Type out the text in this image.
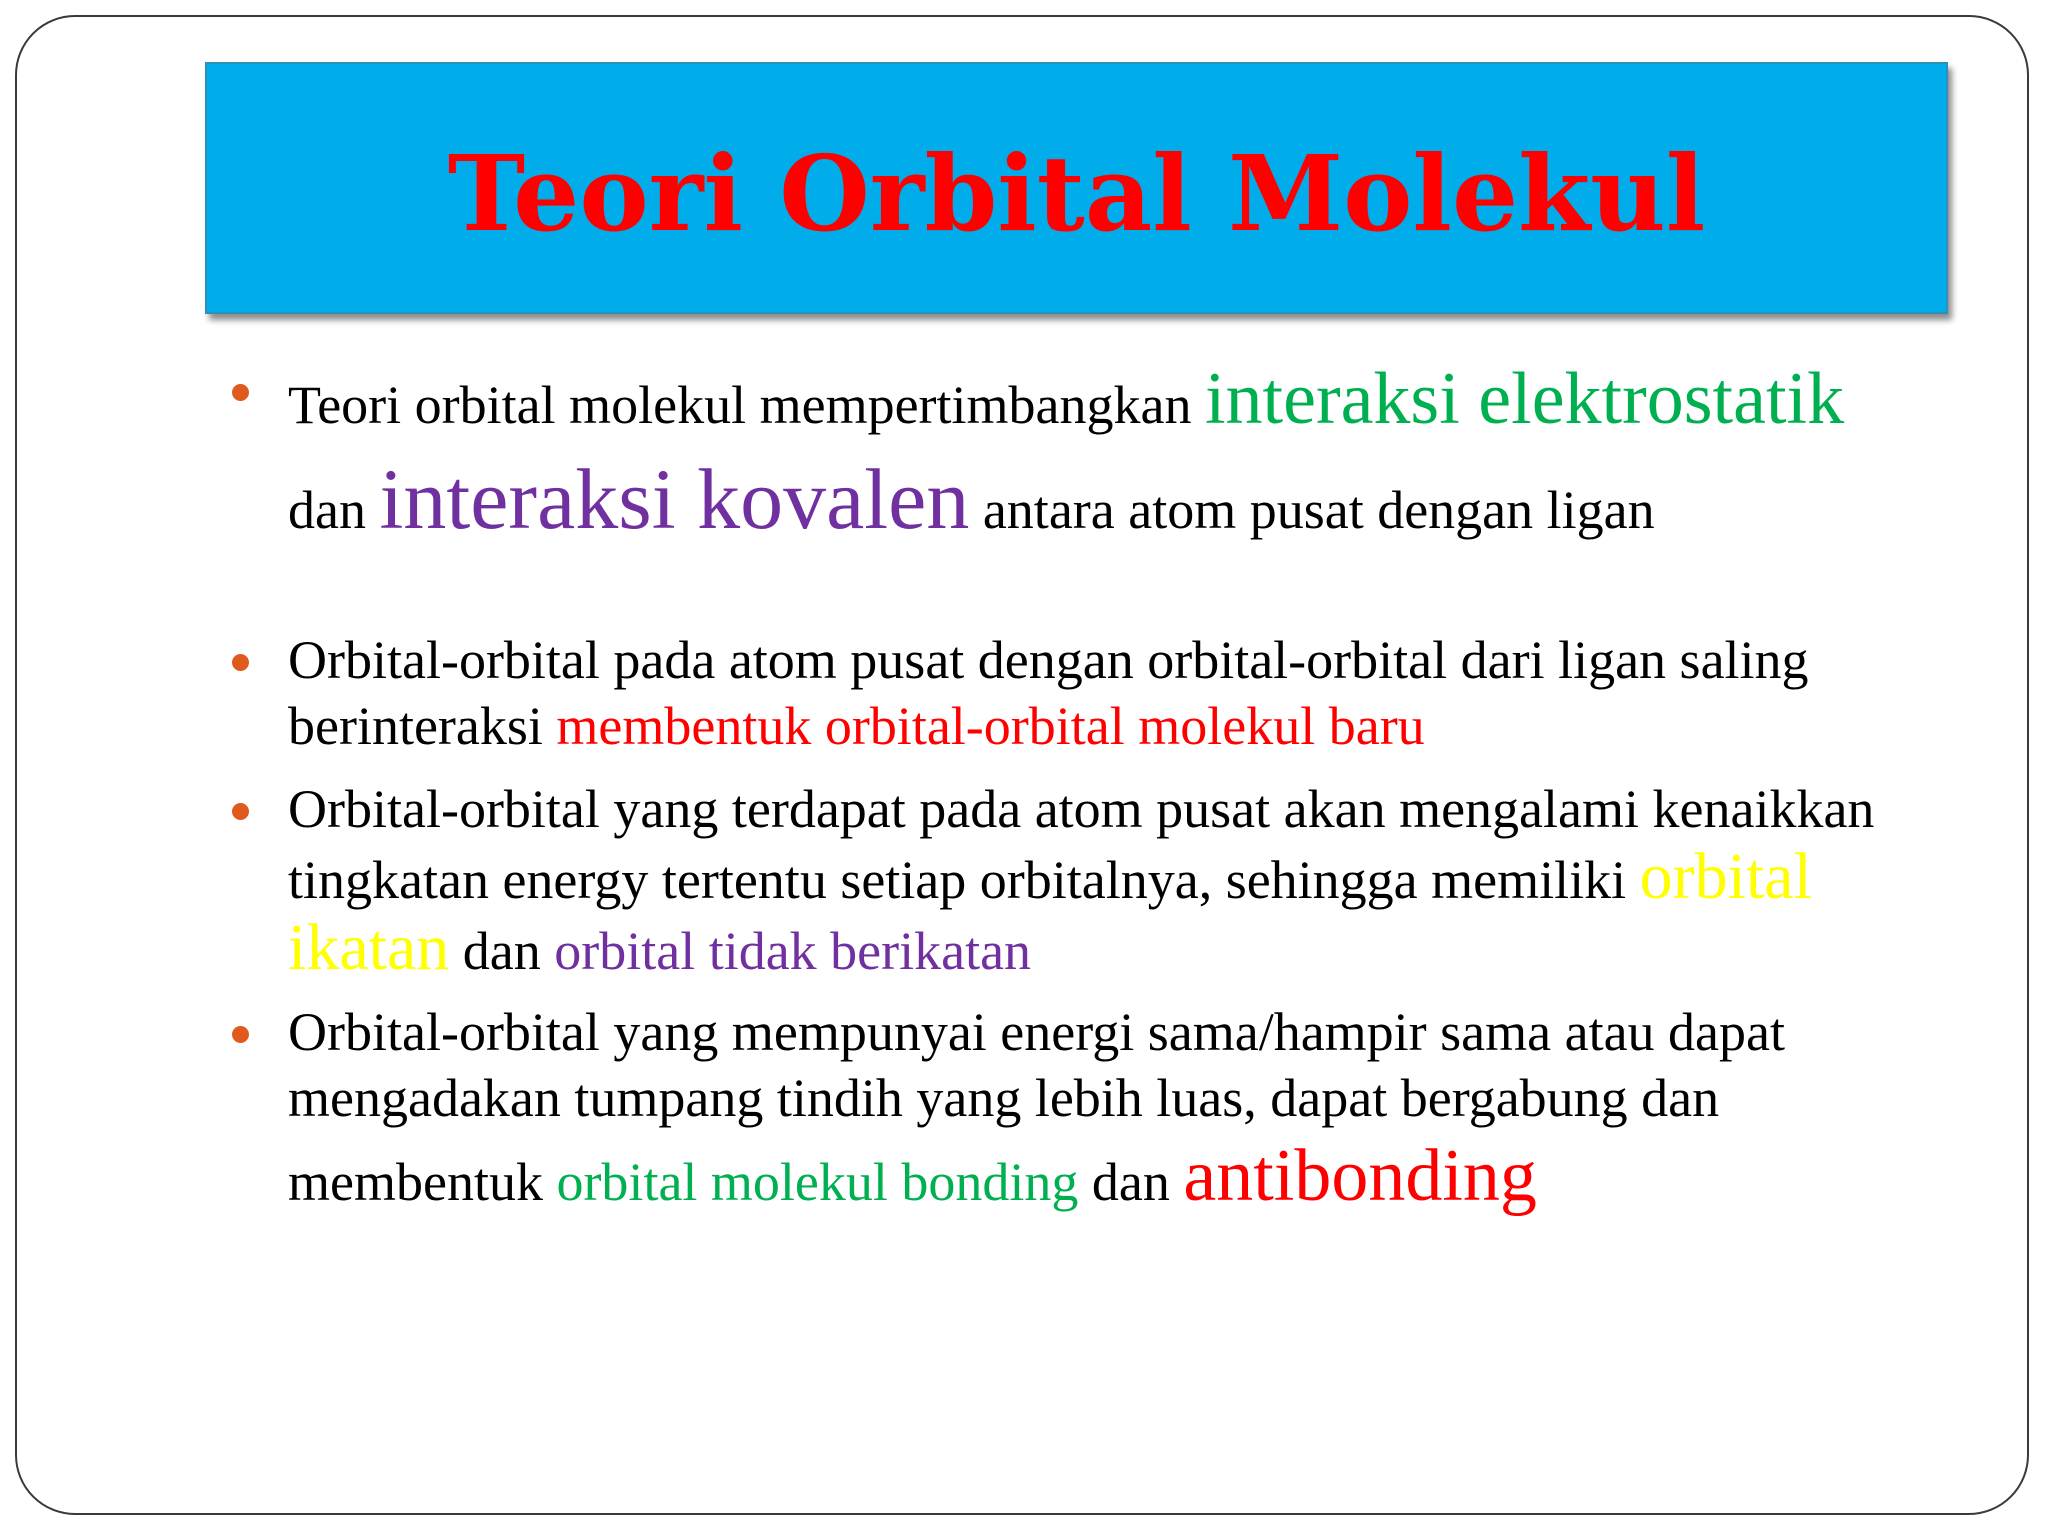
Teori Orbital Molekul
Teori orbital molekul mempertimbangkan interaksi elektrostatik dan interaksi kovalen antara atom pusat dengan ligan
Orbital-orbital pada atom pusat dengan orbital-orbital dari ligan saling berinteraksi membentuk orbital-orbital molekul baru
Orbital-orbital yang terdapat pada atom pusat akan mengalami kenaikkan tingkatan energy tertentu setiap orbitalnya, sehingga memiliki orbital ikatan dan orbital tidak berikatan
Orbital-orbital yang mempunyai energi sama/hampir sama atau dapat mengadakan tumpang tindih yang lebih luas, dapat bergabung dan membentuk orbital molekul bonding dan antibonding
